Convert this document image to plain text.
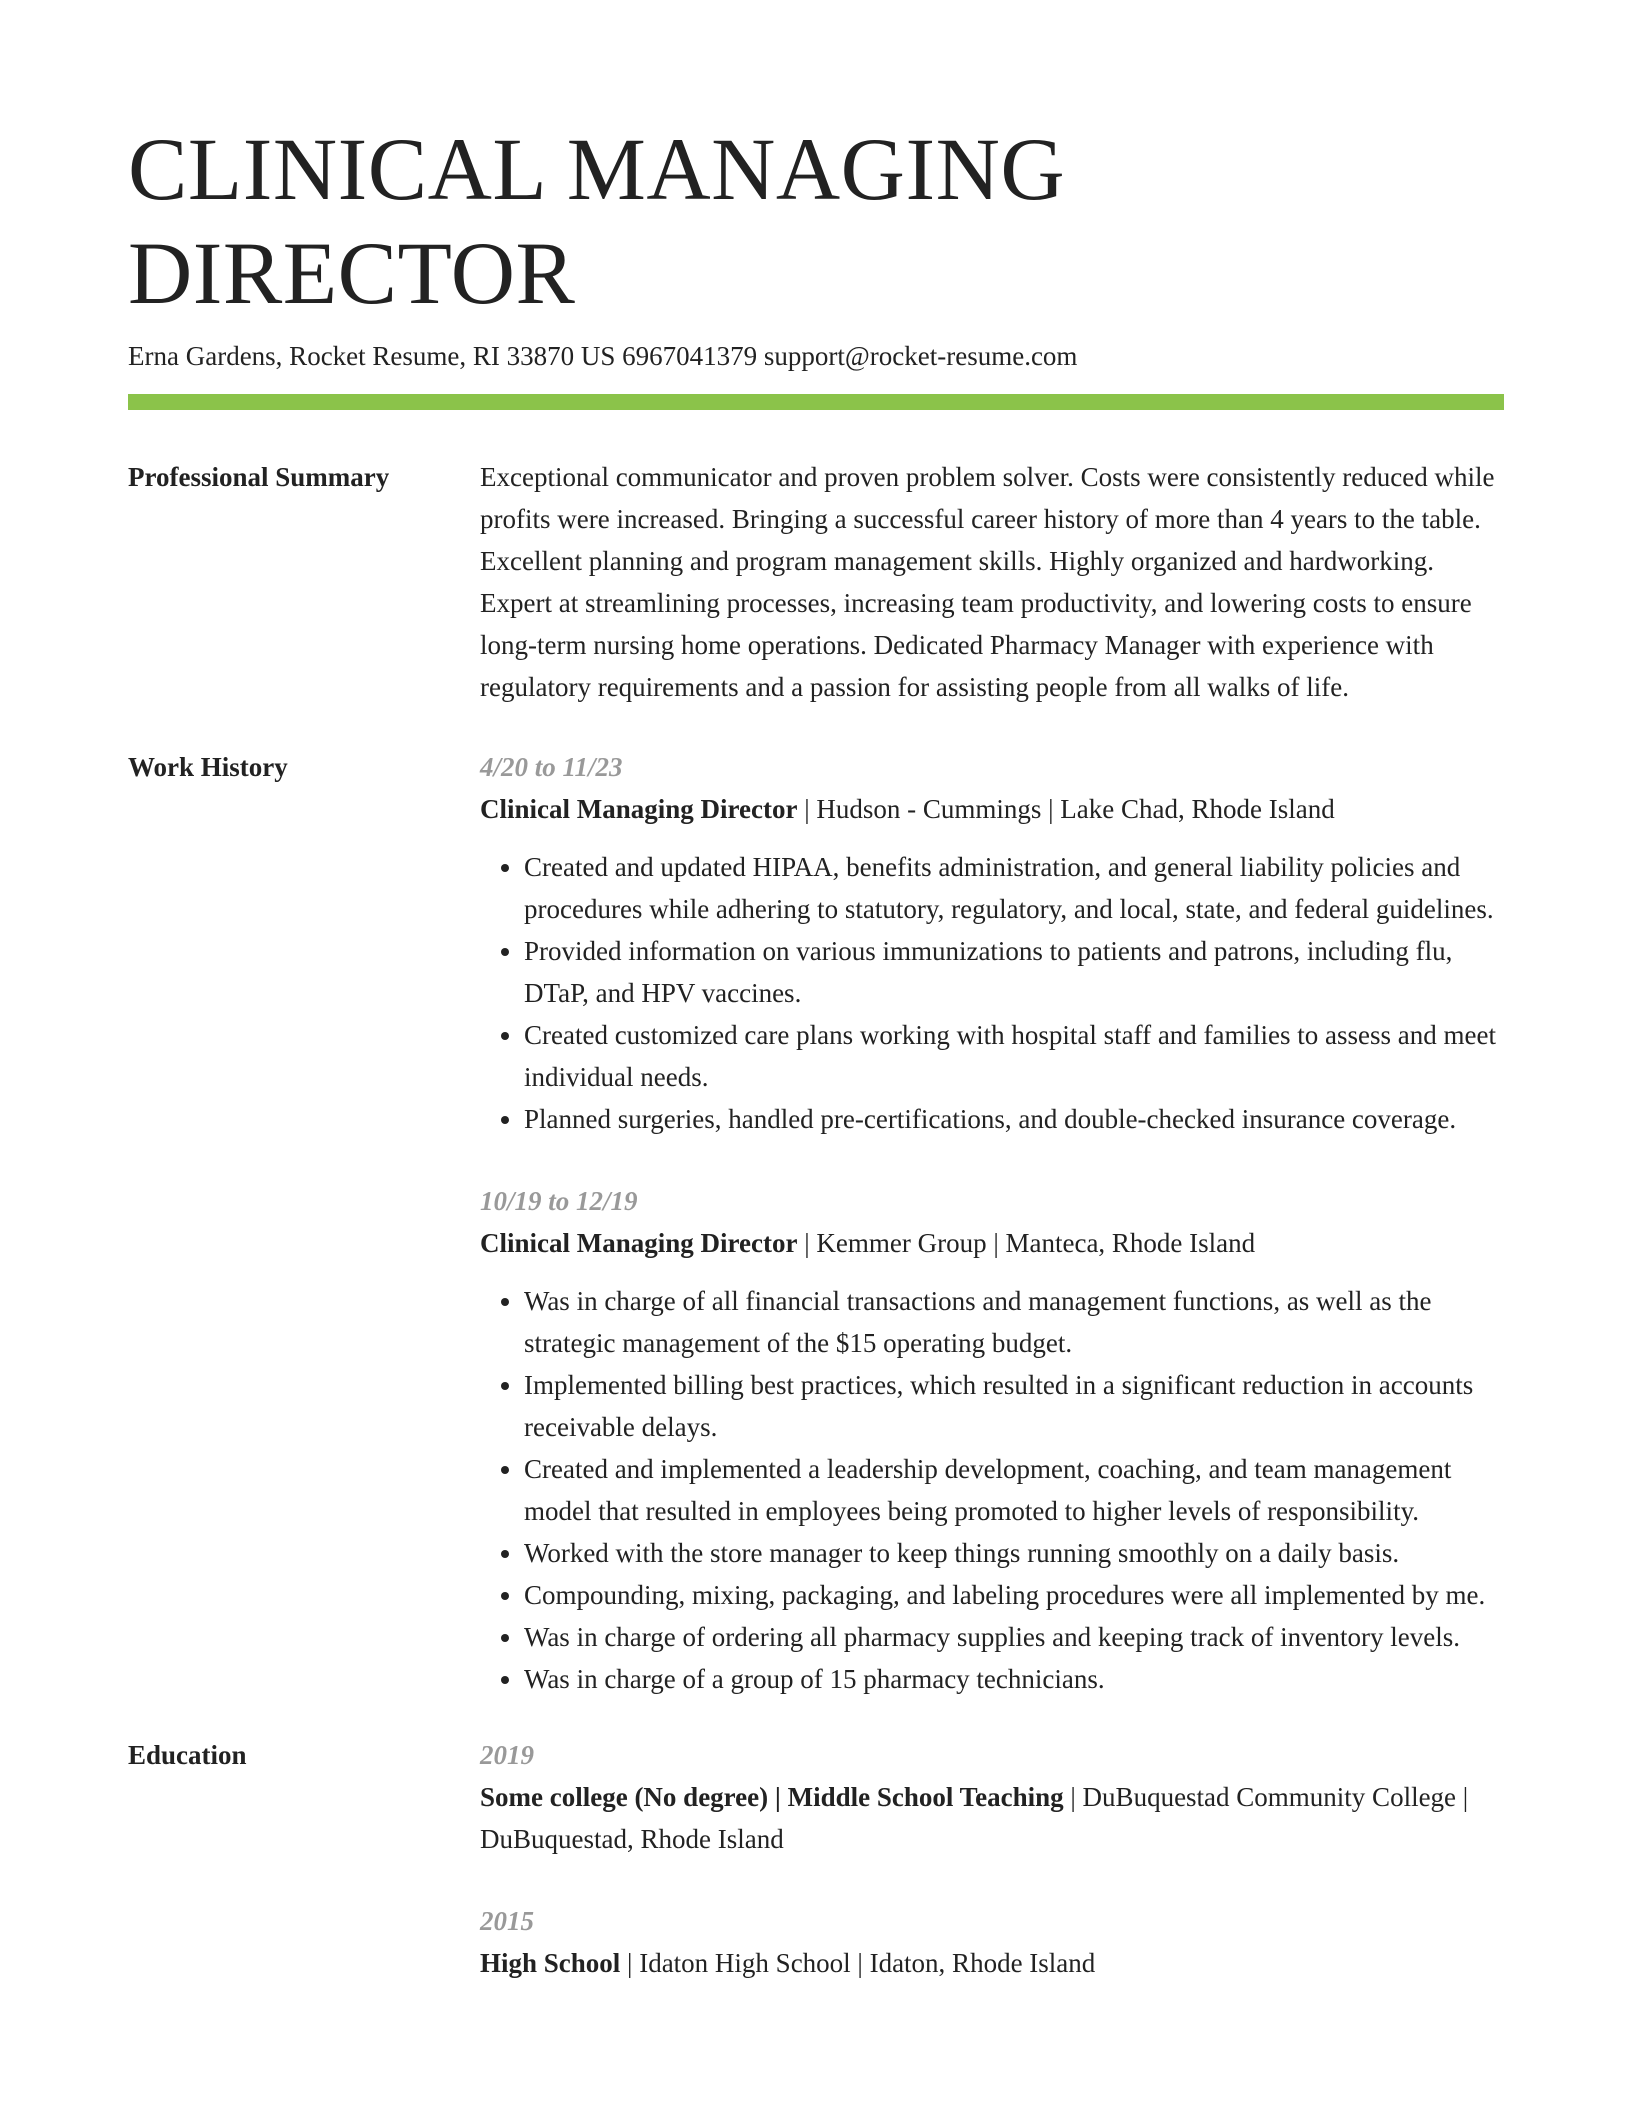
CLINICAL MANAGING DIRECTOR
Erna Gardens, Rocket Resume, RI 33870 US 6967041379 support@rocket-resume.com
Professional Summary	Exceptional communicator and proven problem solver. Costs were consistently reduced while profits were increased. Bringing a successful career history of more than 4 years to the table. Excellent planning and program management skills. Highly organized and hardworking. Expert at streamlining processes, increasing team productivity, and lowering costs to ensure long-term nursing home operations. Dedicated Pharmacy Manager with experience with regulatory requirements and a passion for assisting people from all walks of life.

Work History	4/20 to 11/23

Clinical Managing Director | Hudson - Cummings | Lake Chad, Rhode Island

• Created and updated HIPAA, benefits administration, and general liability policies and procedures while adhering to statutory, regulatory, and local, state, and federal guidelines.
• Provided information on various immunizations to patients and patrons, including flu, DTaP, and HPV vaccines.
• Created customized care plans working with hospital staff and families to assess and meet individual needs.
• Planned surgeries, handled pre-certifications, and double-checked insurance coverage.
10/19 to 12/19

Clinical Managing Director | Kemmer Group | Manteca, Rhode Island

• Was in charge of all financial transactions and management functions, as well as the strategic management of the $15 operating budget.
• Implemented billing best practices, which resulted in a significant reduction in accounts receivable delays.
• Created and implemented a leadership development, coaching, and team management model that resulted in employees being promoted to higher levels of responsibility.
• Worked with the store manager to keep things running smoothly on a daily basis.
• Compounding, mixing, packaging, and labeling procedures were all implemented by me.
• Was in charge of ordering all pharmacy supplies and keeping track of inventory levels.
• Was in charge of a group of 15 pharmacy technicians.
Education	2019

Some college (No degree) | Middle School Teaching | DuBuquestad Community College | DuBuquestad, Rhode Island

2015

High School | Idaton High School | Idaton, Rhode Island
